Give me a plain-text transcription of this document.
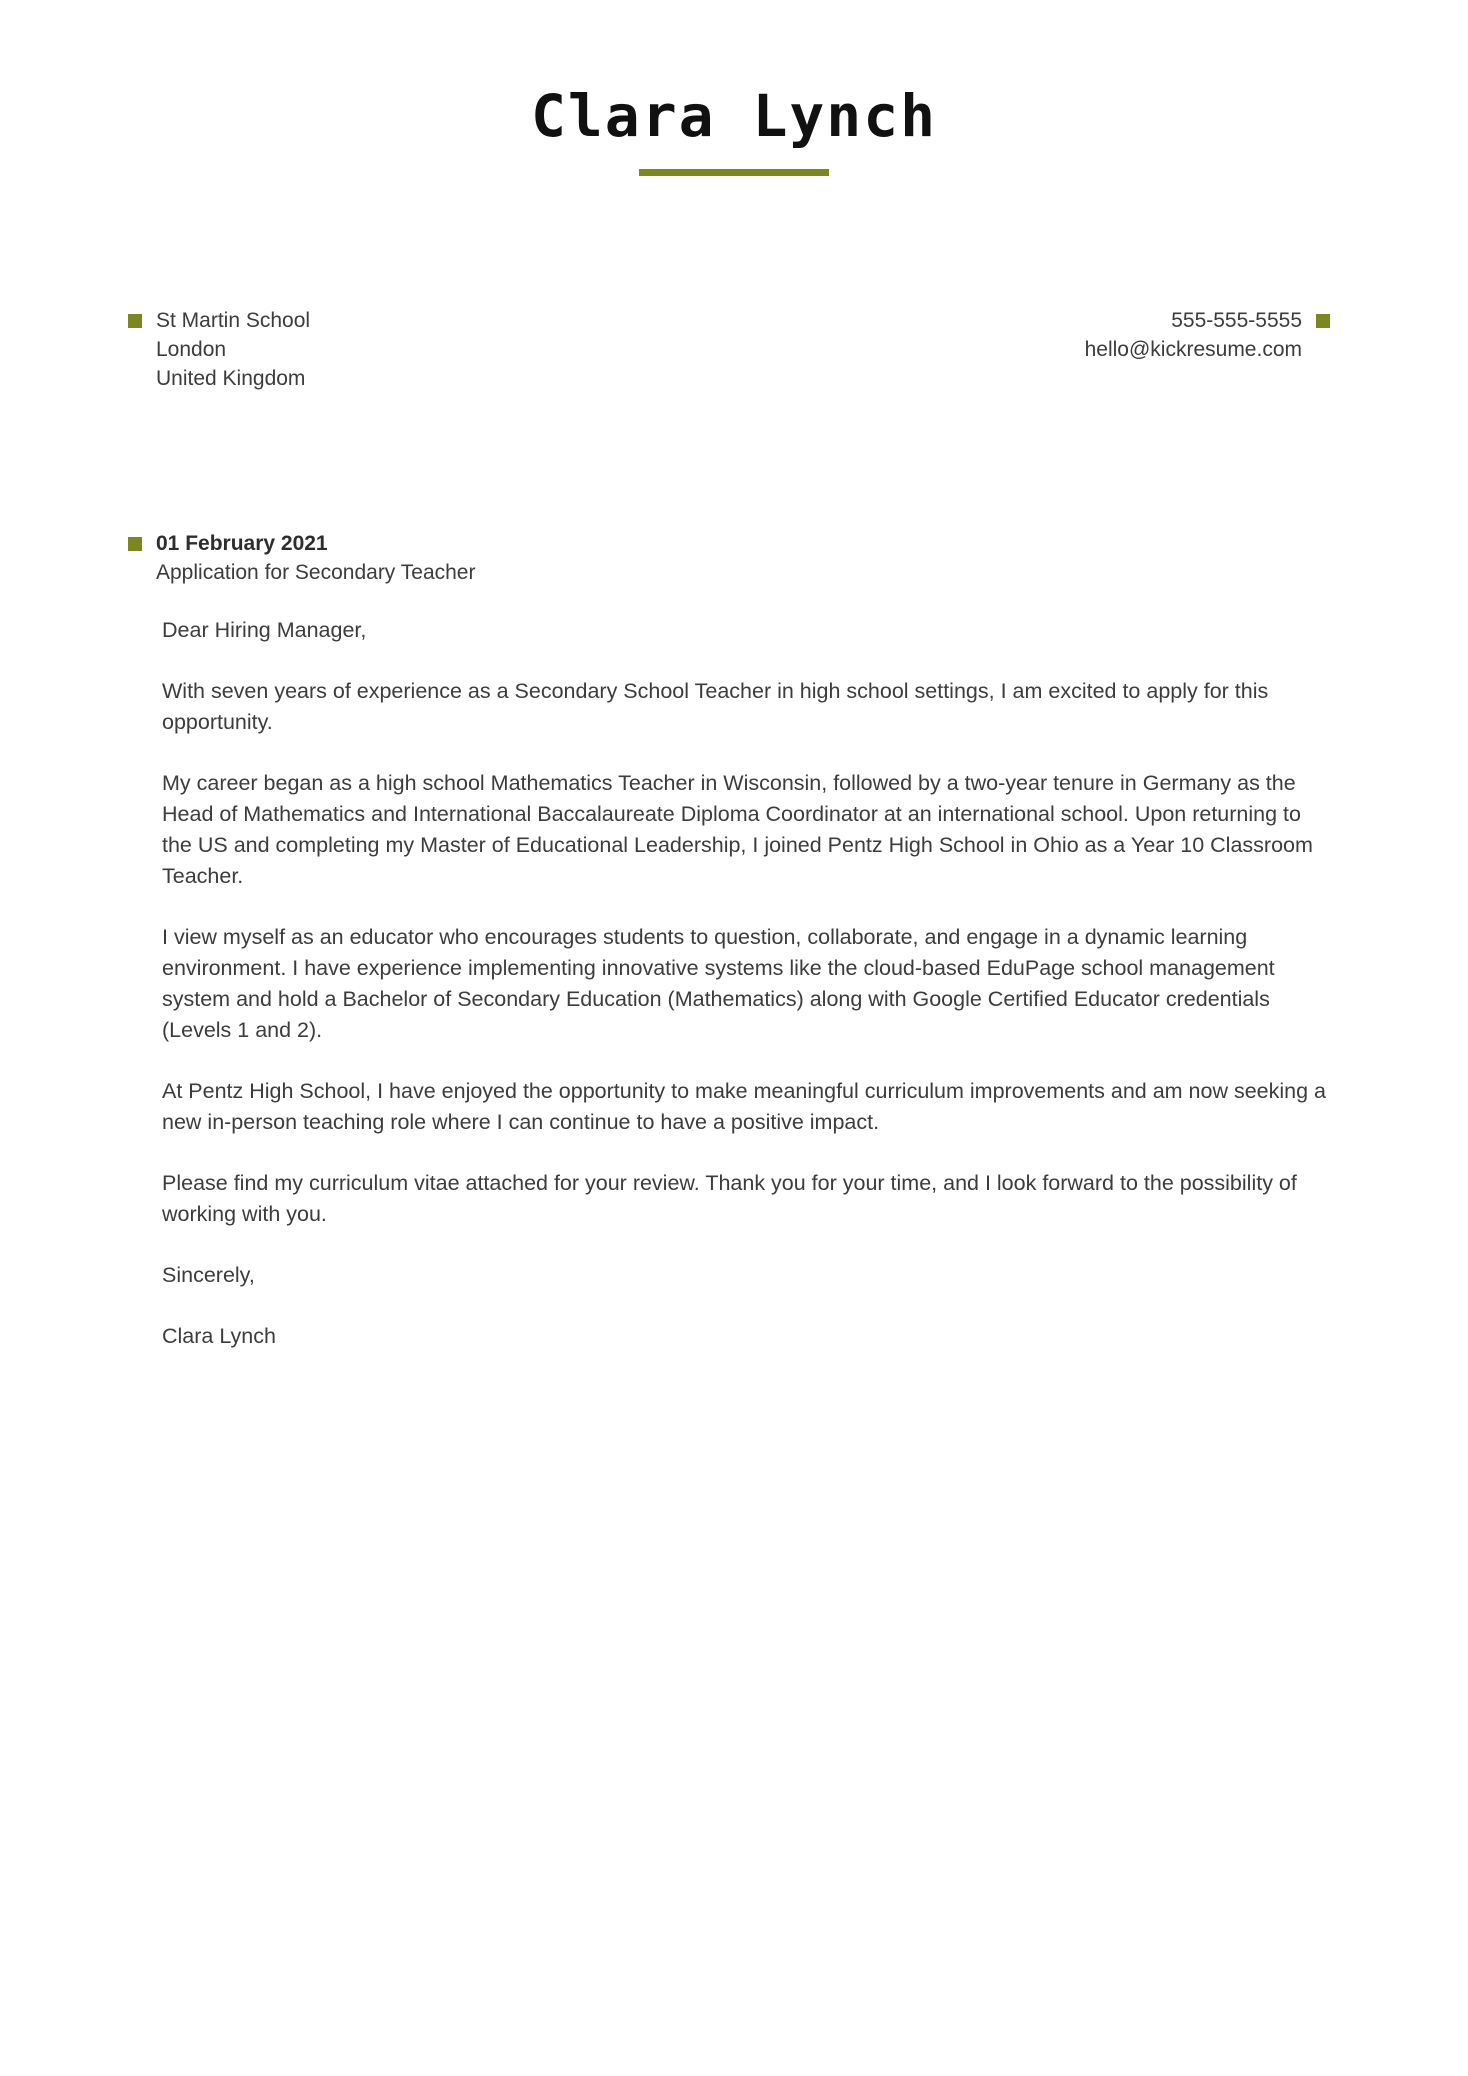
Clara Lynch
St Martin School
London
United Kingdom
555-555-5555
hello@kickresume.com
01 February 2021
Application for Secondary Teacher

Dear Hiring Manager,

With seven years of experience as a Secondary School Teacher in high school settings, I am excited to apply for this opportunity.

My career began as a high school Mathematics Teacher in Wisconsin, followed by a two-year tenure in Germany as the Head of Mathematics and International Baccalaureate Diploma Coordinator at an international school. Upon returning to the US and completing my Master of Educational Leadership, I joined Pentz High School in Ohio as a Year 10 Classroom Teacher.

I view myself as an educator who encourages students to question, collaborate, and engage in a dynamic learning environment. I have experience implementing innovative systems like the cloud-based EduPage school management system and hold a Bachelor of Secondary Education (Mathematics) along with Google Certified Educator credentials (Levels 1 and 2).

At Pentz High School, I have enjoyed the opportunity to make meaningful curriculum improvements and am now seeking a new in-person teaching role where I can continue to have a positive impact.

Please find my curriculum vitae attached for your review. Thank you for your time, and I look forward to the possibility of working with you.

Sincerely,

Clara Lynch
